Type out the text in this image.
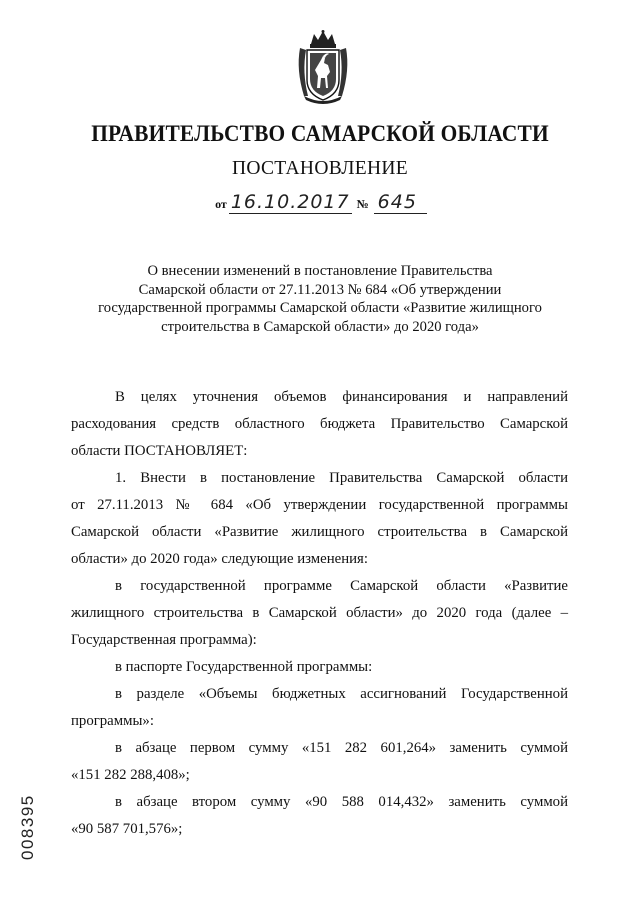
ПРАВИТЕЛЬСТВО САМАРСКОЙ ОБЛАСТИ
ПОСТАНОВЛЕНИЕ
от 16.10.2017 № 645

О внесении изменений в постановление Правительства

Самарской области от 27.11.2013 № 684 «Об утверждении

государственной программы Самарской области «Развитие жилищного

строительства в Самарской области» до 2020 года»

В целях уточнения объемов финансирования и направлений
расходования средств областного бюджета Правительство Самарской
области ПОСТАНОВЛЯЕТ:
1. Внести в постановление Правительства Самарской области
от 27.11.2013 № 684 «Об утверждении государственной программы
Самарской области «Развитие жилищного строительства в Самарской
области» до 2020 года» следующие изменения:
в государственной программе Самарской области «Развитие
жилищного строительства в Самарской области» до 2020 года (далее –
Государственная программа):
в паспорте Государственной программы:
в разделе «Объемы бюджетных ассигнований Государственной
программы»:
в абзаце первом сумму «151 282 601,264» заменить суммой
«151 282 288,408»;
в абзаце втором сумму «90 588 014,432» заменить суммой
«90 587 701,576»;
008395
